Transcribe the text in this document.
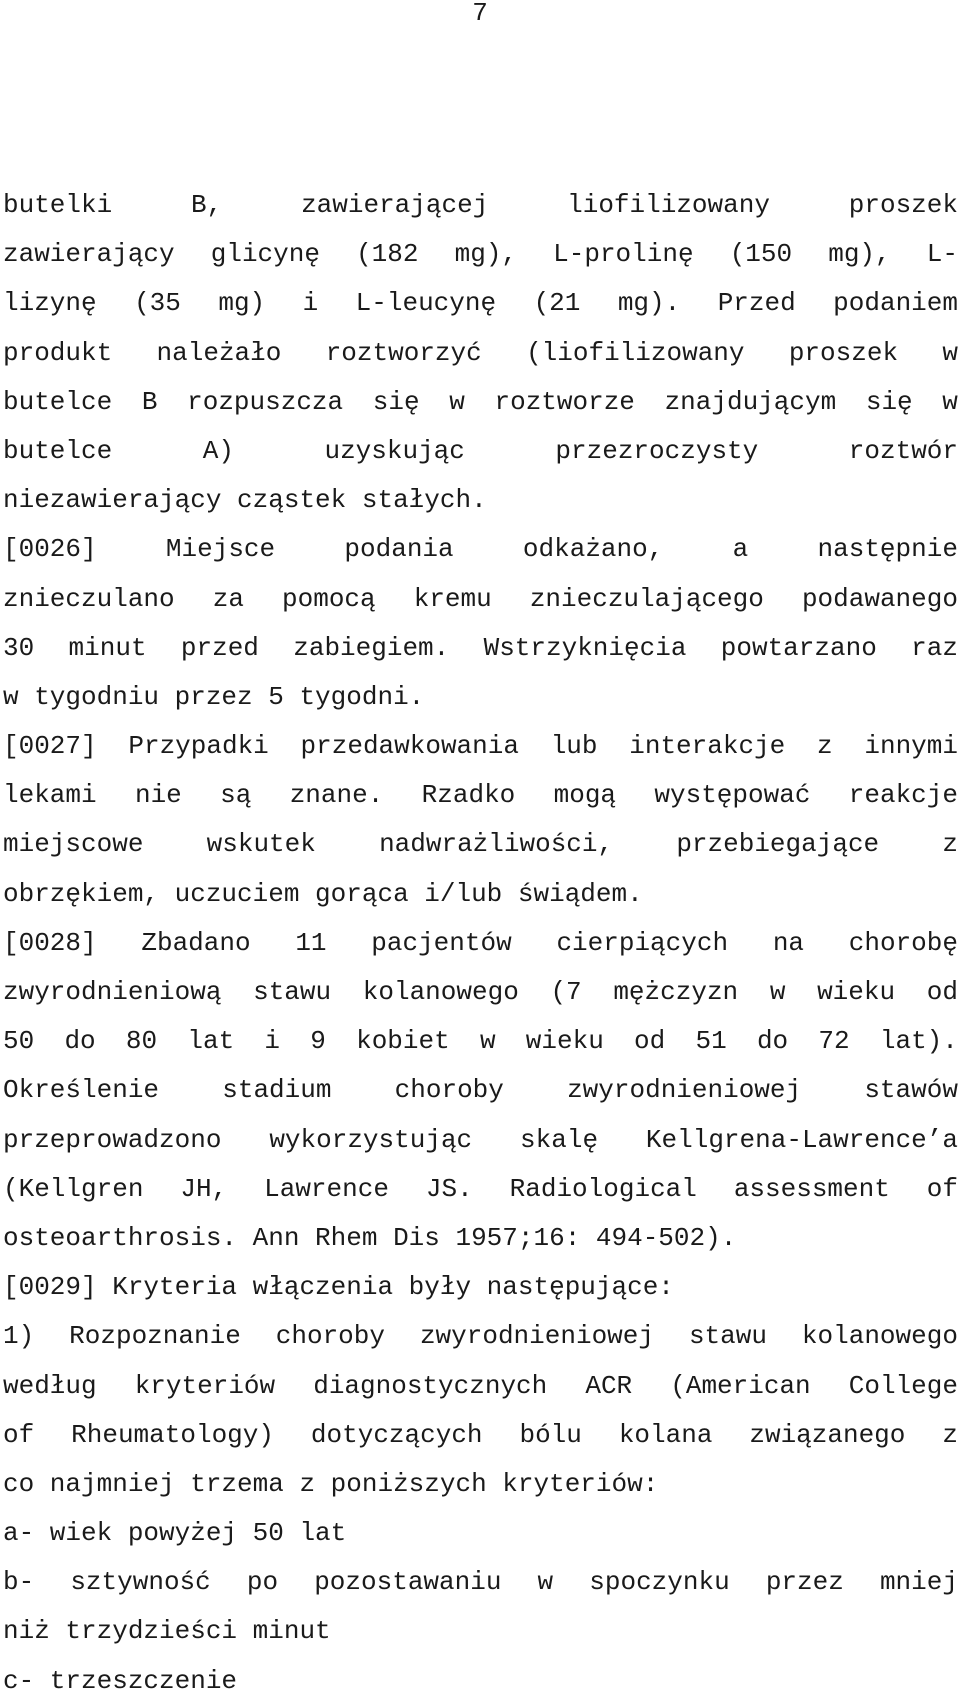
7
butelki	B,	zawierającej	liofilizowany	proszek
zawierający glicynę (182 mg), L-prolinę (150 mg), L-
lizynę (35 mg) i L-leucynę (21 mg). Przed podaniem
produkt należało roztworzyć (liofilizowany proszek w
butelce B rozpuszcza się w roztworze znajdującym się w
butelce	A)	uzyskując	przezroczysty	roztwór
niezawierający cząstek stałych.
[0026]	Miejsce	podania	odkażano,	a	następnie
znieczulano za pomocą kremu znieczulającego podawanego
30 minut przed zabiegiem. Wstrzyknięcia powtarzano raz
w tygodniu przez 5 tygodni.
[0027] Przypadki przedawkowania lub interakcje z innymi
lekami nie są znane. Rzadko mogą występować reakcje
miejscowe wskutek nadwrażliwości, przebiegające z
obrzękiem, uczuciem gorąca i/lub świądem.
[0028] Zbadano 11 pacjentów cierpiących na chorobę
zwyrodnieniową stawu kolanowego (7 mężczyzn w wieku od
50 do 80 lat i 9 kobiet w wieku od 51 do 72 lat).
Określenie stadium choroby zwyrodnieniowej stawów
przeprowadzono wykorzystując skalę Kellgrena-Lawrence’a
(Kellgren JH, Lawrence JS. Radiological assessment of
osteoarthrosis. Ann Rhem Dis 1957;16: 494-502).
[0029] Kryteria włączenia były następujące:
1) Rozpoznanie choroby zwyrodnieniowej stawu kolanowego
według kryteriów diagnostycznych ACR (American College
of Rheumatology) dotyczących bólu kolana związanego z
co najmniej trzema z poniższych kryteriów:
a- wiek powyżej 50 lat
b- sztywność po pozostawaniu w spoczynku przez mniej
niż trzydzieści minut
c- trzeszczenie
